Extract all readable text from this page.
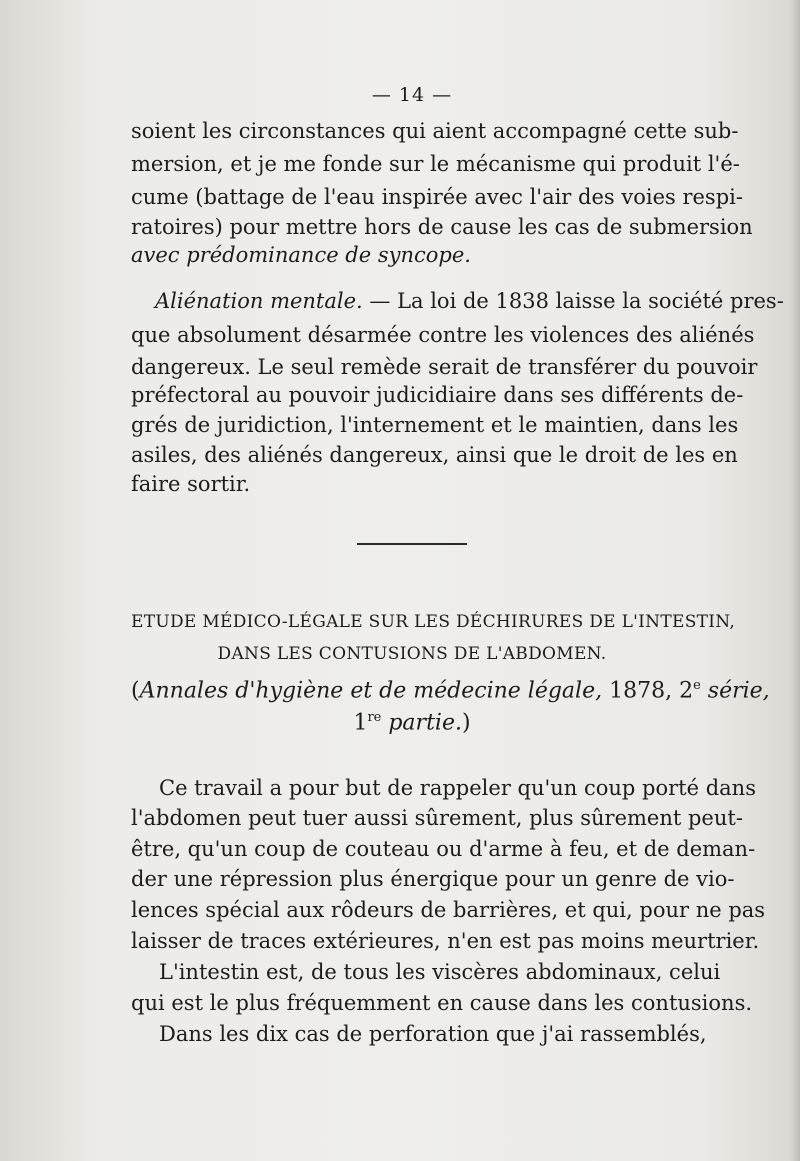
— 14 —
soient les circonstances qui aient accompagné cette sub-
mersion, et je me fonde sur le mécanisme qui produit l'é-
cume (battage de l'eau inspirée avec l'air des voies respi-
ratoires) pour mettre hors de cause les cas de submersion
avec prédominance de syncope.
Aliénation mentale. — La loi de 1838 laisse la société pres-
que absolument désarmée contre les violences des aliénés
dangereux. Le seul remède serait de transférer du pouvoir
préfectoral au pouvoir judicidiaire dans ses différents de-
grés de juridiction, l'internement et le maintien, dans les
asiles, des aliénés dangereux, ainsi que le droit de les en
faire sortir.
ETUDE MÉDICO-LÉGALE SUR LES DÉCHIRURES DE L'INTESTIN,
DANS LES CONTUSIONS DE L'ABDOMEN.
(Annales d'hygiène et de médecine légale, 1878, 2e série,
1re partie.)
Ce travail a pour but de rappeler qu'un coup porté dans
l'abdomen peut tuer aussi sûrement, plus sûrement peut-
être, qu'un coup de couteau ou d'arme à feu, et de deman-
der une répression plus énergique pour un genre de vio-
lences spécial aux rôdeurs de barrières, et qui, pour ne pas
laisser de traces extérieures, n'en est pas moins meurtrier.
L'intestin est, de tous les viscères abdominaux, celui
qui est le plus fréquemment en cause dans les contusions.
Dans les dix cas de perforation que j'ai rassemblés,
